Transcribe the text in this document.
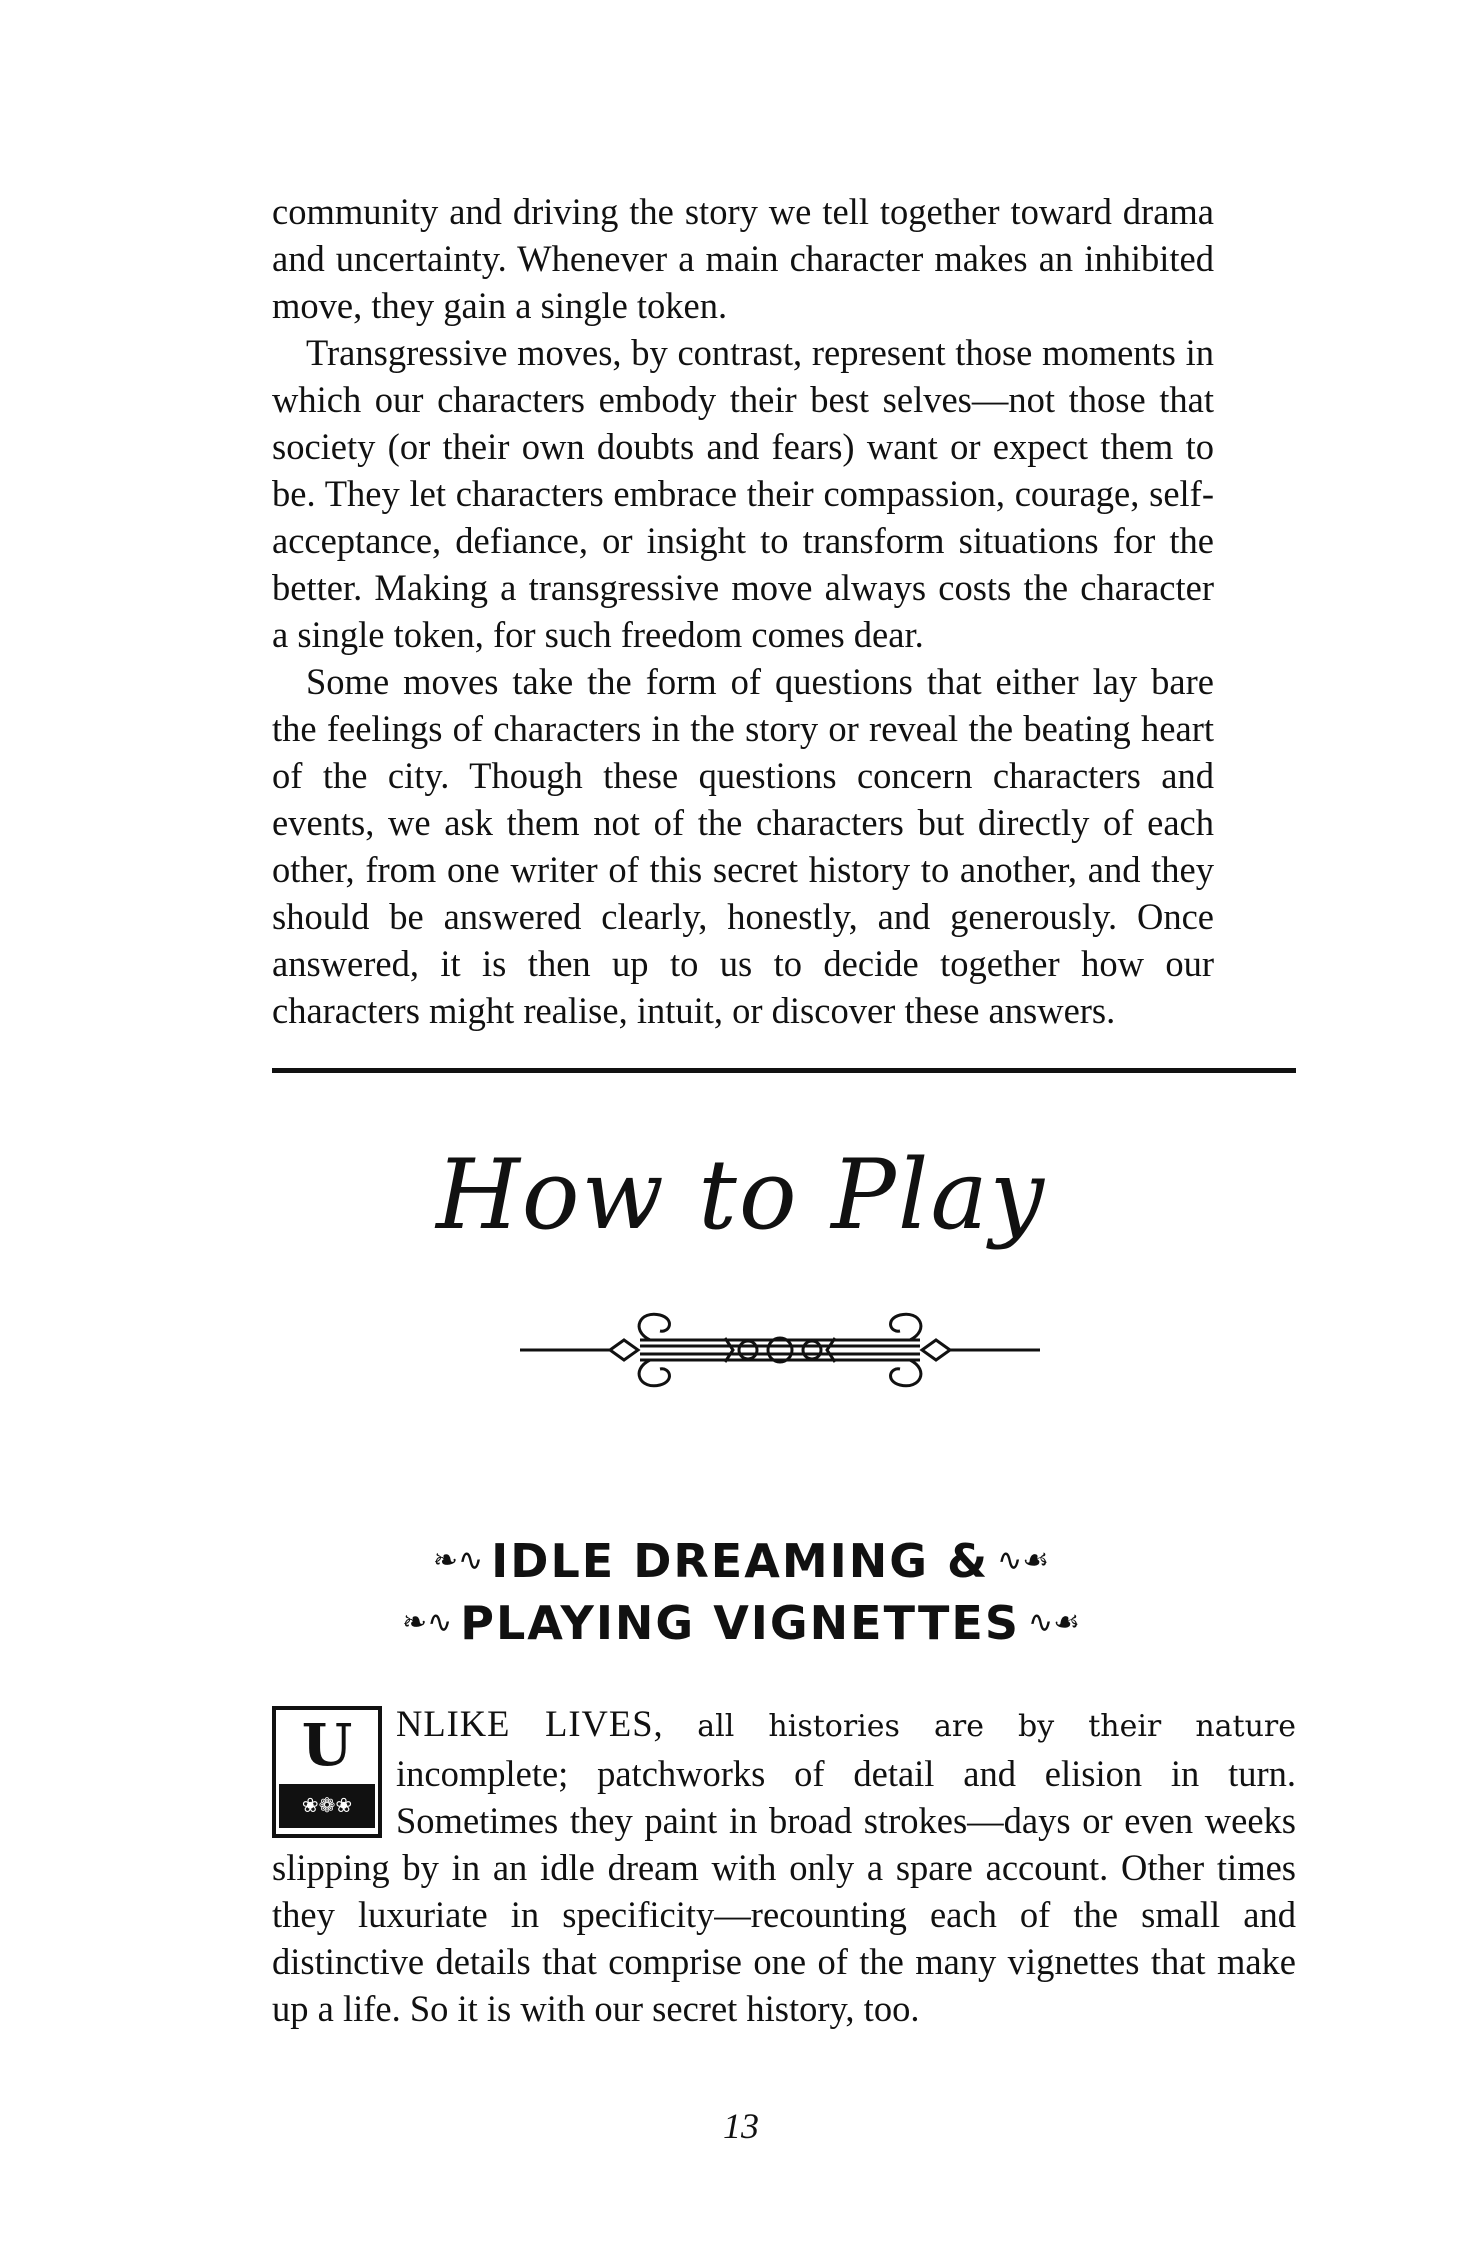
community and driving the story we tell together toward drama and uncertainty. Whenever a main character makes an inhibited move, they gain a single token.

Transgressive moves, by contrast, represent those moments in which our characters embody their best selves—not those that society (or their own doubts and fears) want or expect them to be. They let characters embrace their compassion, courage, self-acceptance, defiance, or insight to transform situations for the better. Making a transgressive move always costs the character a single token, for such freedom comes dear.

Some moves take the form of questions that either lay bare the feelings of characters in the story or reveal the beating heart of the city. Though these questions concern characters and events, we ask them not of the characters but directly of each other, from one writer of this secret history to another, and they should be answered clearly, honestly, and generously. Once answered, it is then up to us to decide together how our characters might realise, intuit, or discover these answers.

How to Play
❧∿ IDLE DREAMING & ∿☙
❧∿ PLAYING VIGNETTES ∿☙
U
❀❁❀

NLIKE LIVES, all histories are by their nature incomplete; patchworks of detail and elision in turn. Sometimes they paint in broad strokes—days or even weeks slipping by in an idle dream with only a spare account. Other times they luxuriate in specificity—recounting each of the small and distinctive details that comprise one of the many vignettes that make up a life. So it is with our secret history, too.

13
